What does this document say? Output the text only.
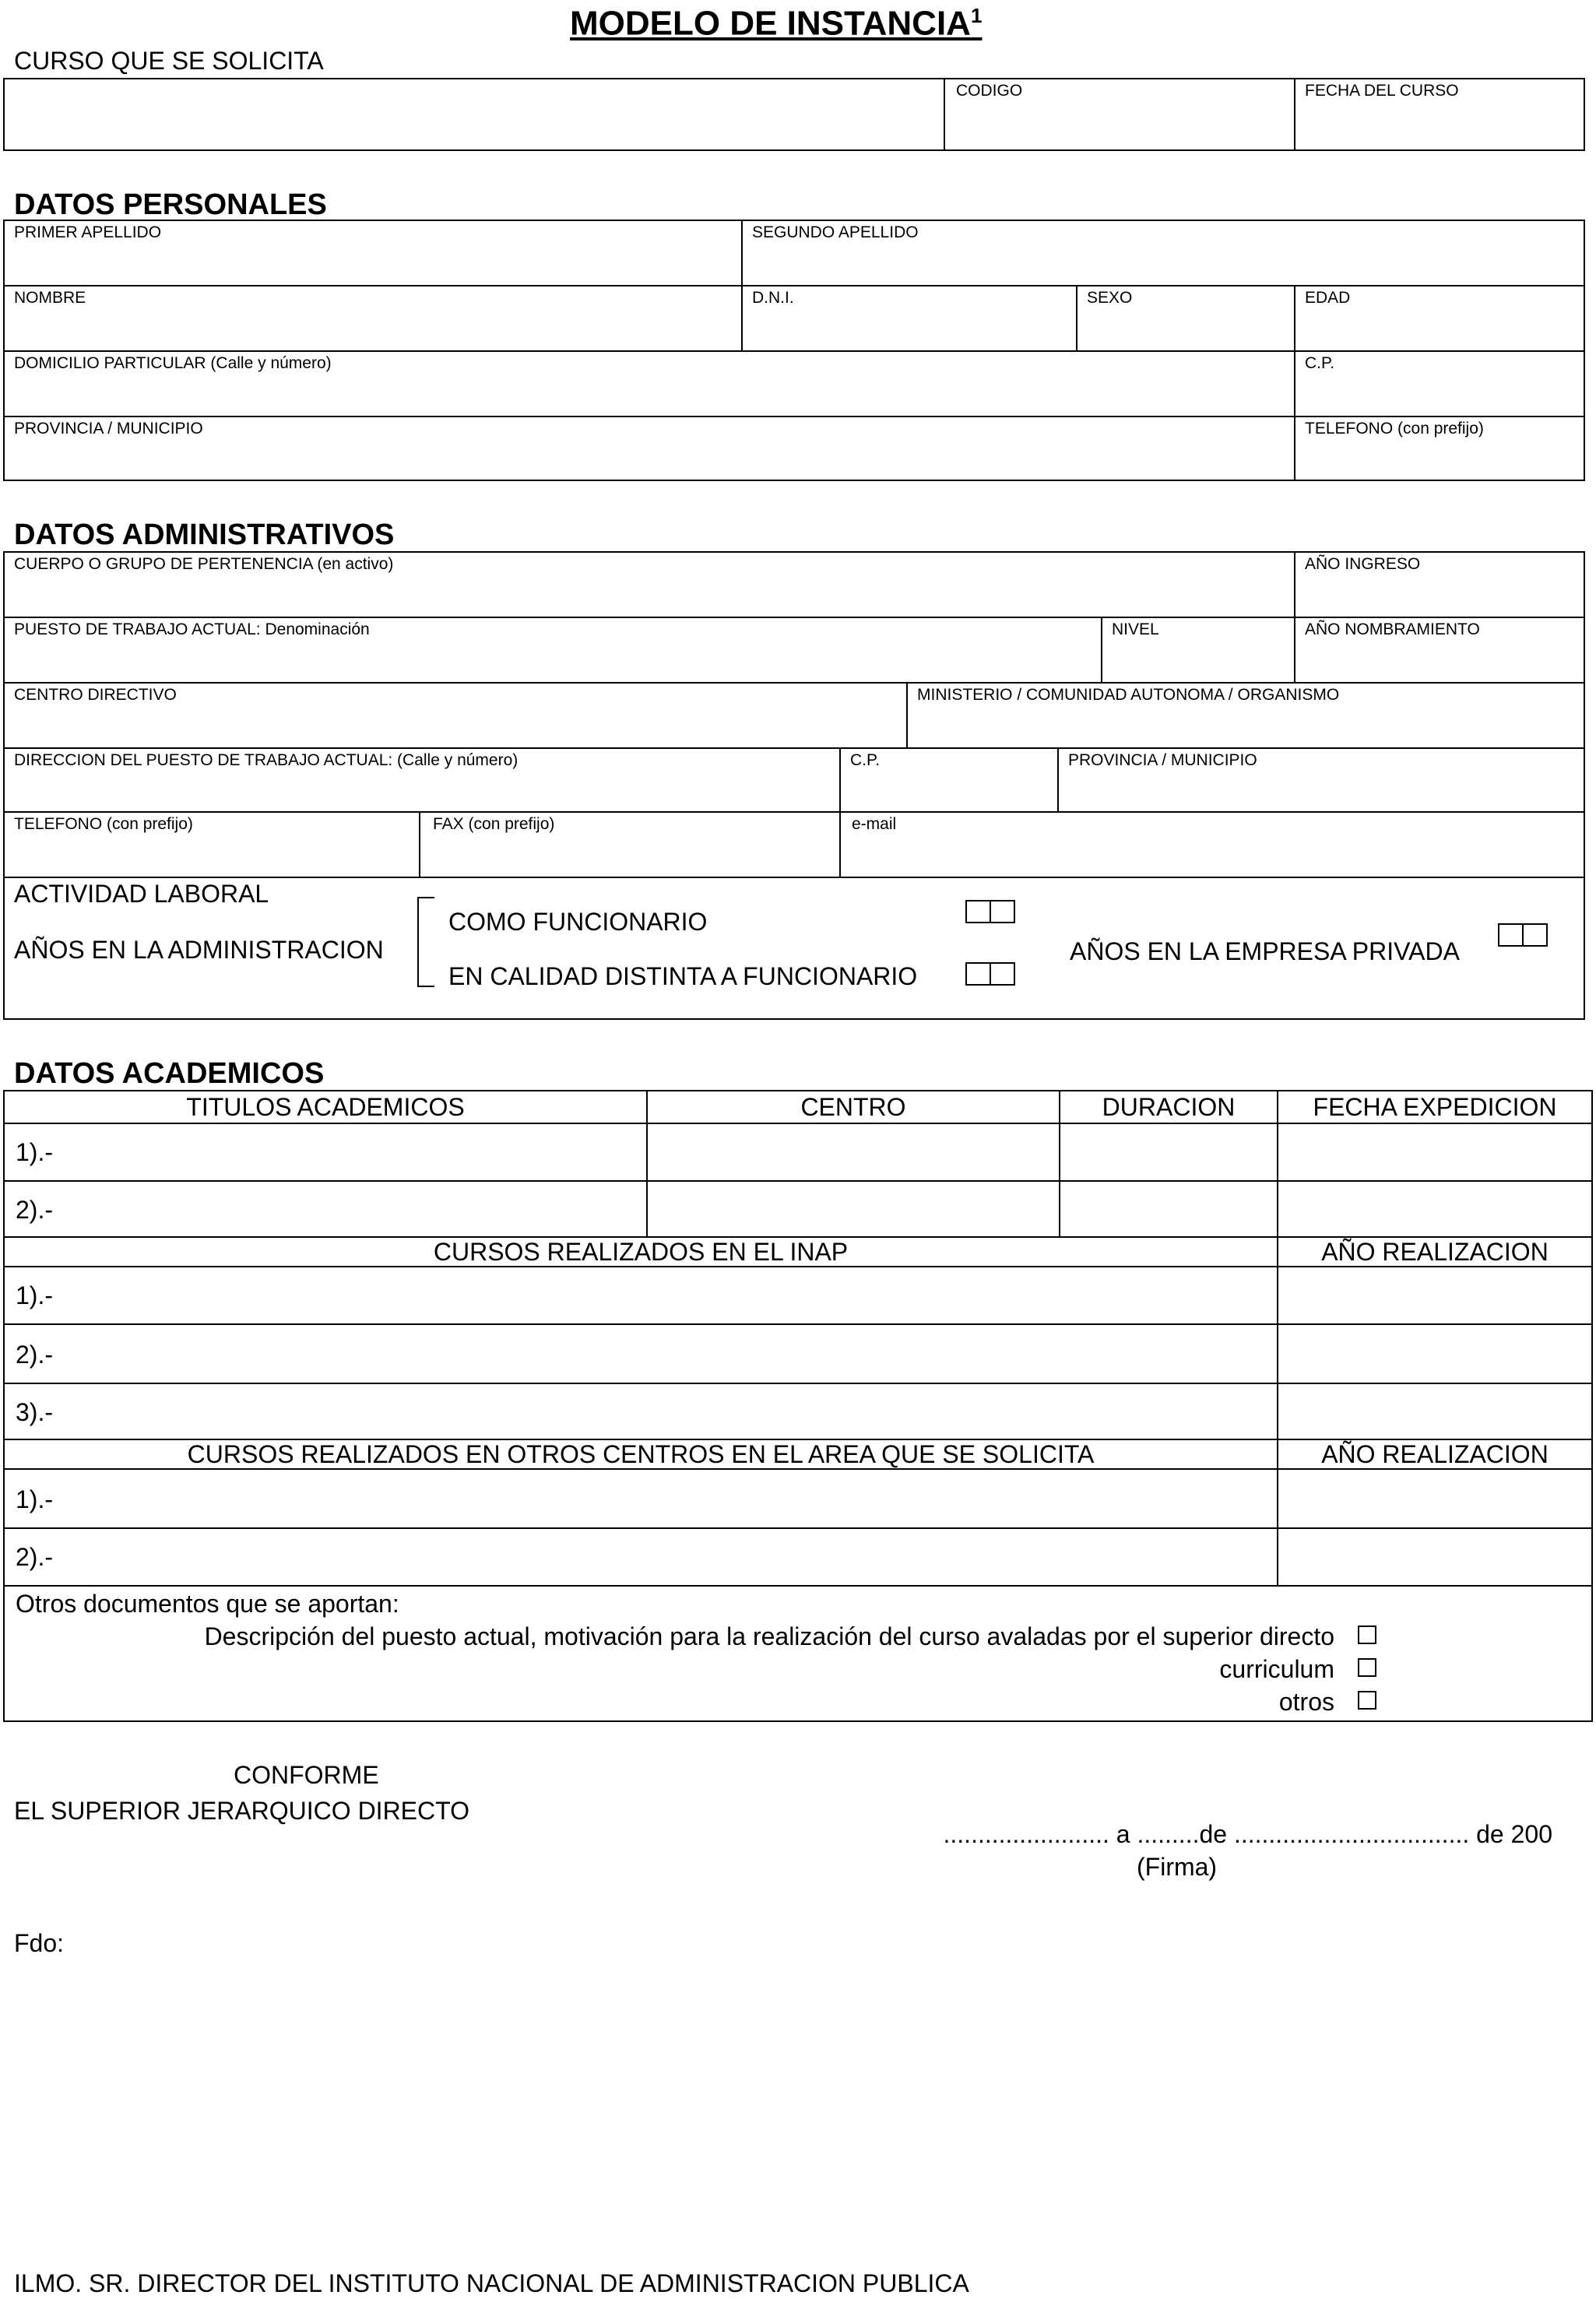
MODELO DE INSTANCIA$^1$
CURSO QUE SE SOLICITA
CODIGO	FECHA DEL CURSO
DATOS PERSONALES
PRIMER APELLIDO	SEGUNDO APELLIDO
NOMBRE	D.N.I.	SEXO	EDAD
DOMICILIO PARTICULAR (Calle y número)	C.P.
PROVINCIA / MUNICIPIO	TELEFONO (con prefijo)
DATOS ADMINISTRATIVOS
CUERPO O GRUPO DE PERTENENCIA (en activo)	AÑO INGRESO
PUESTO DE TRABAJO ACTUAL: Denominación	NIVEL	AÑO NOMBRAMIENTO
CENTRO DIRECTIVO	MINISTERIO / COMUNIDAD AUTONOMA / ORGANISMO
DIRECCION DEL PUESTO DE TRABAJO ACTUAL: (Calle y número)	C.P.	PROVINCIA / MUNICIPIO
TELEFONO (con prefijo)	FAX (con prefijo)	e-mail
ACTIVIDAD LABORAL
AÑOS EN LA ADMINISTRACION
COMO FUNCIONARIO
EN CALIDAD DISTINTA A FUNCIONARIO
AÑOS EN LA EMPRESA PRIVADA
DATOS ACADEMICOS
TITULOS ACADEMICOS	CENTRO	DURACION	FECHA EXPEDICION
1).-
2).-
CURSOS REALIZADOS EN EL INAP	AÑO REALIZACION
1).-
2).-
3).-
CURSOS REALIZADOS EN OTROS CENTROS EN EL AREA QUE SE SOLICITA	AÑO REALIZACION
1).-
2).-
Otros documentos que se aportan:
Descripción del puesto actual, motivación para la realización del curso avaladas por el superior directo
curriculum
otros
CONFORME
EL SUPERIOR JERARQUICO DIRECTO
........................ a .........de .................................. de 200
(Firma)
Fdo:
ILMO. SR. DIRECTOR DEL INSTITUTO NACIONAL DE ADMINISTRACION PUBLICA
